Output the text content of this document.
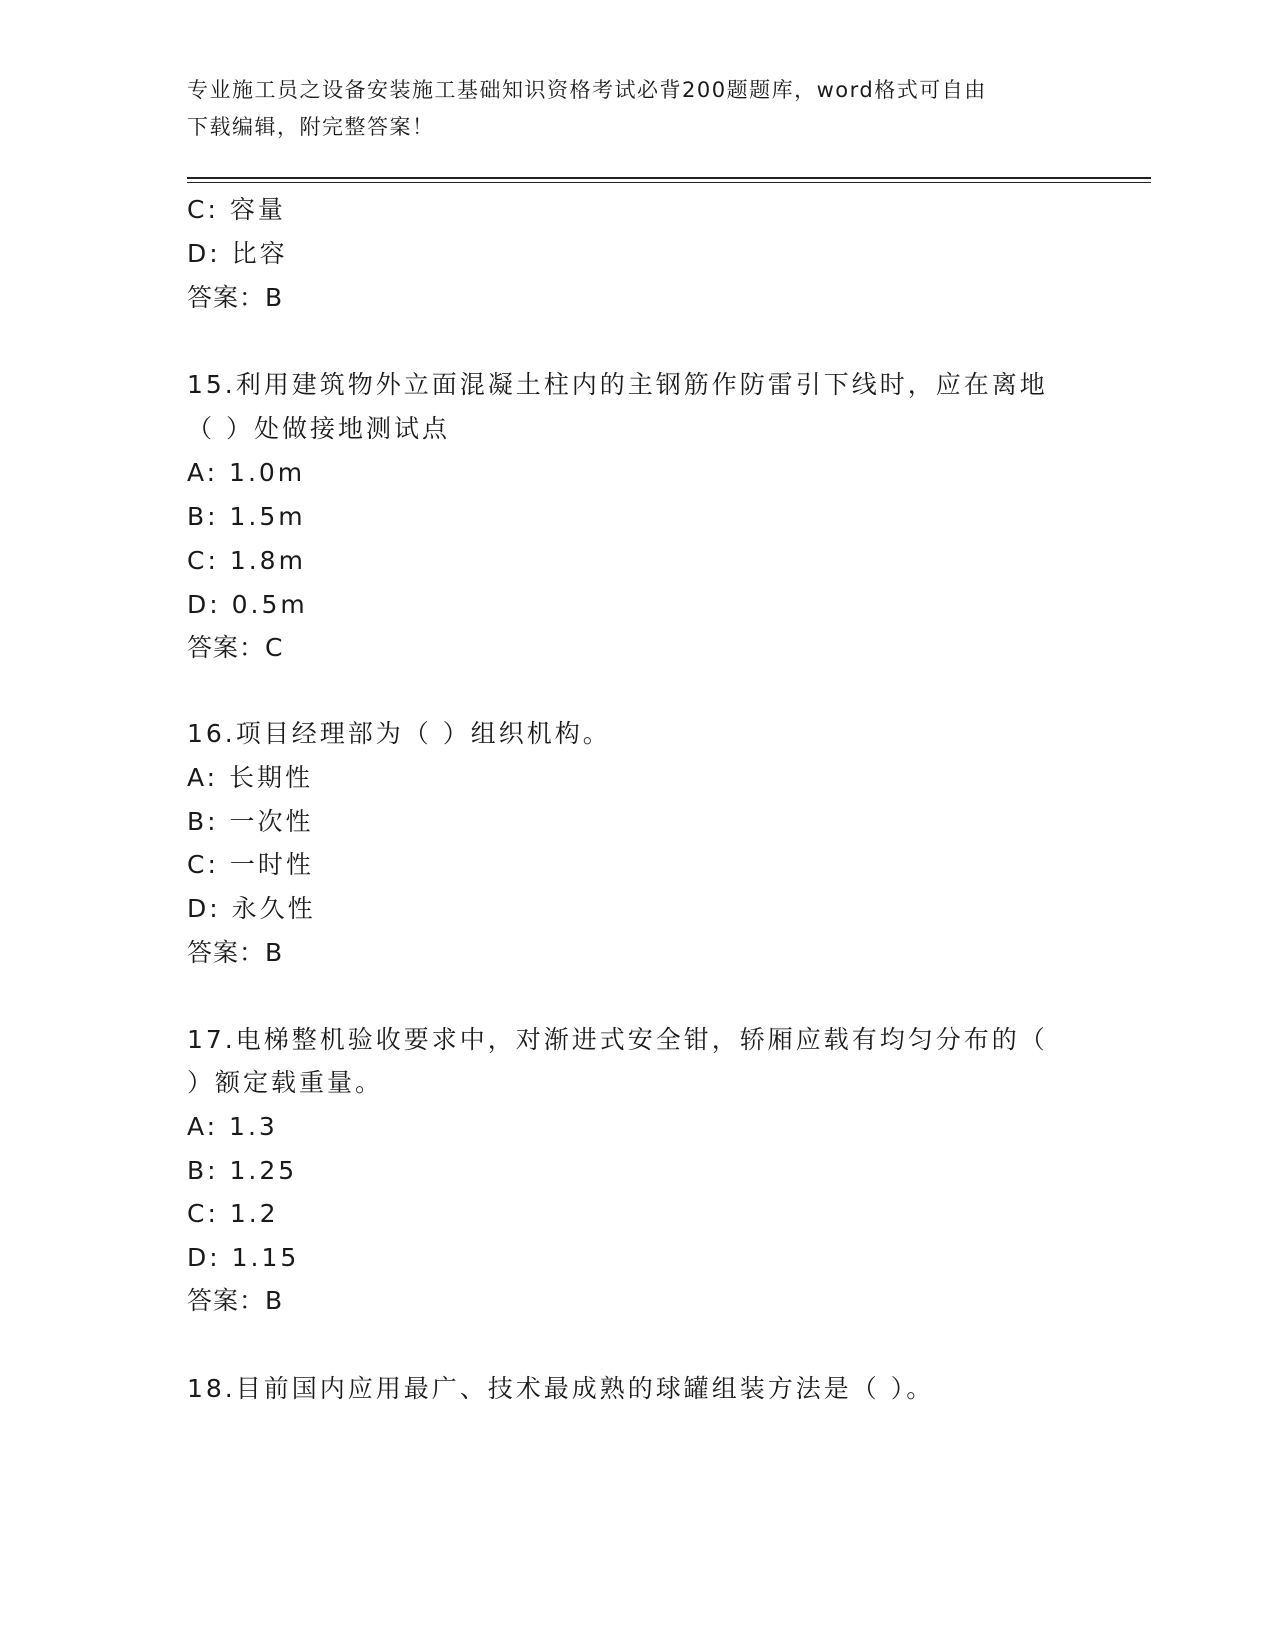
专业施工员之设备安装施工基础知识资格考试必背200题题库，word格式可自由
下载编辑，附完整答案！
C: 容量
D: 比容
答案：B
15.利用建筑物外立面混凝土柱内的主钢筋作防雷引下线时，应在离地
（ ）处做接地测试点
A: 1.0m
B: 1.5m
C: 1.8m
D: 0.5m
答案：C
16.项目经理部为（ ）组织机构。
A: 长期性
B: 一次性
C: 一时性
D: 永久性
答案：B
17.电梯整机验收要求中，对渐进式安全钳，轿厢应载有均匀分布的（
）额定载重量。
A: 1.3
B: 1.25
C: 1.2
D: 1.15
答案：B
18.目前国内应用最广、技术最成熟的球罐组装方法是（ ）。
